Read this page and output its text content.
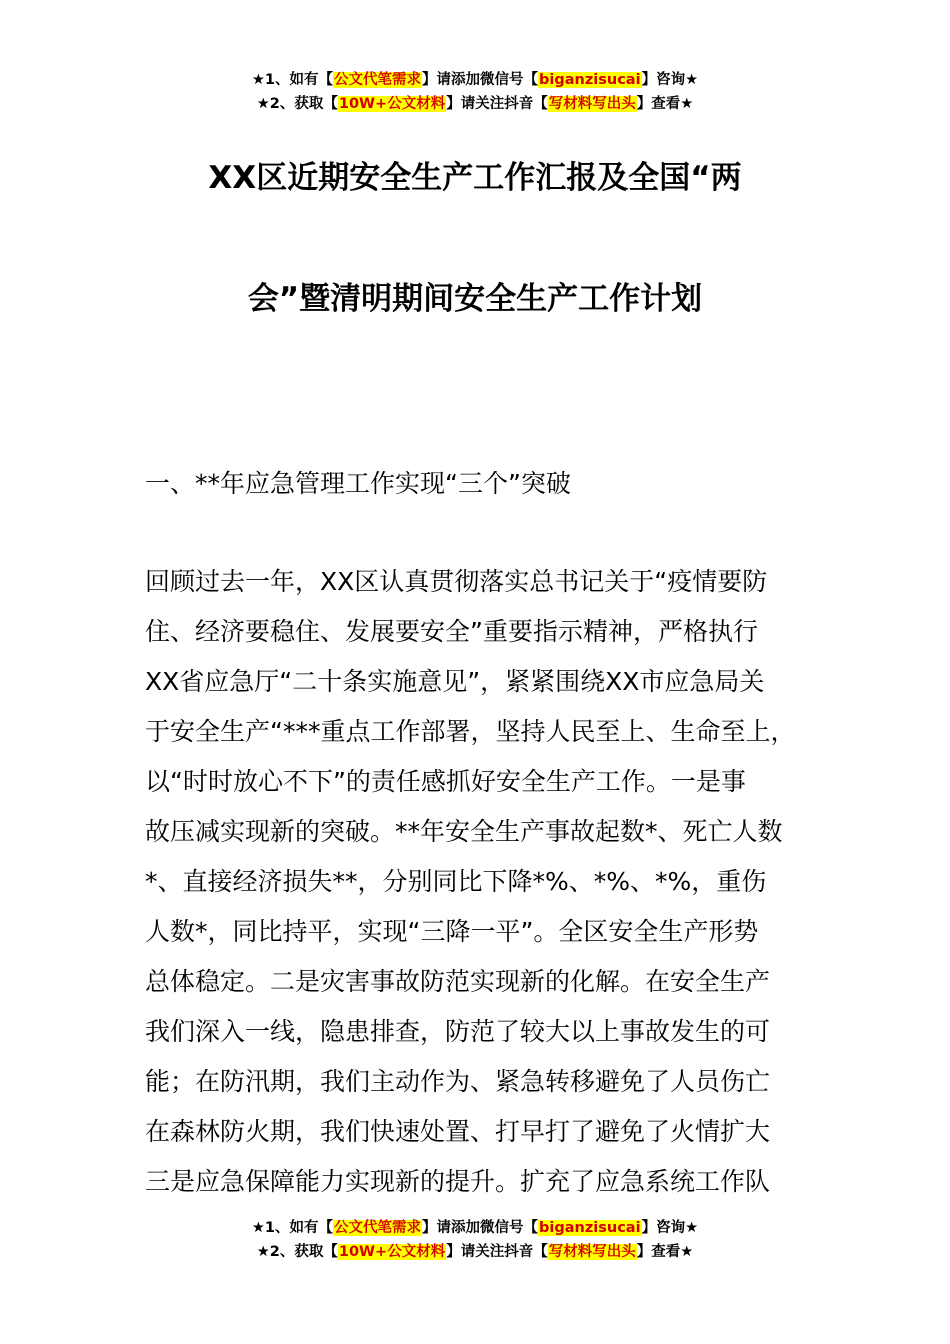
★1、如有【公文代笔需求】请添加微信号【biganzisucai】咨询★
★2、获取【10W+公文材料】请关注抖音【写材料写出头】查看★
XX区近期安全生产工作汇报及全国“两
会”暨清明期间安全生产工作计划
一、**年应急管理工作实现“三个”突破
回顾过去一年，XX区认真贯彻落实总书记关于“疫情要防
住、经济要稳住、发展要安全”重要指示精神，严格执行
XX省应急厅“二十条实施意见”，紧紧围绕XX市应急局关
于安全生产“***重点工作部署，坚持人民至上、生命至上，
以“时时放心不下”的责任感抓好安全生产工作。一是事
故压减实现新的突破。**年安全生产事故起数*、死亡人数
*、直接经济损失**，分别同比下降*%、*%、*%，重伤
人数*，同比持平，实现“三降一平”。全区安全生产形势
总体稳定。二是灾害事故防范实现新的化解。在安全生产
我们深入一线，隐患排查，防范了较大以上事故发生的可
能；在防汛期，我们主动作为、紧急转移避免了人员伤亡
在森林防火期，我们快速处置、打早打了避免了火情扩大
三是应急保障能力实现新的提升。扩充了应急系统工作队
★1、如有【公文代笔需求】请添加微信号【biganzisucai】咨询★
★2、获取【10W+公文材料】请关注抖音【写材料写出头】查看★
